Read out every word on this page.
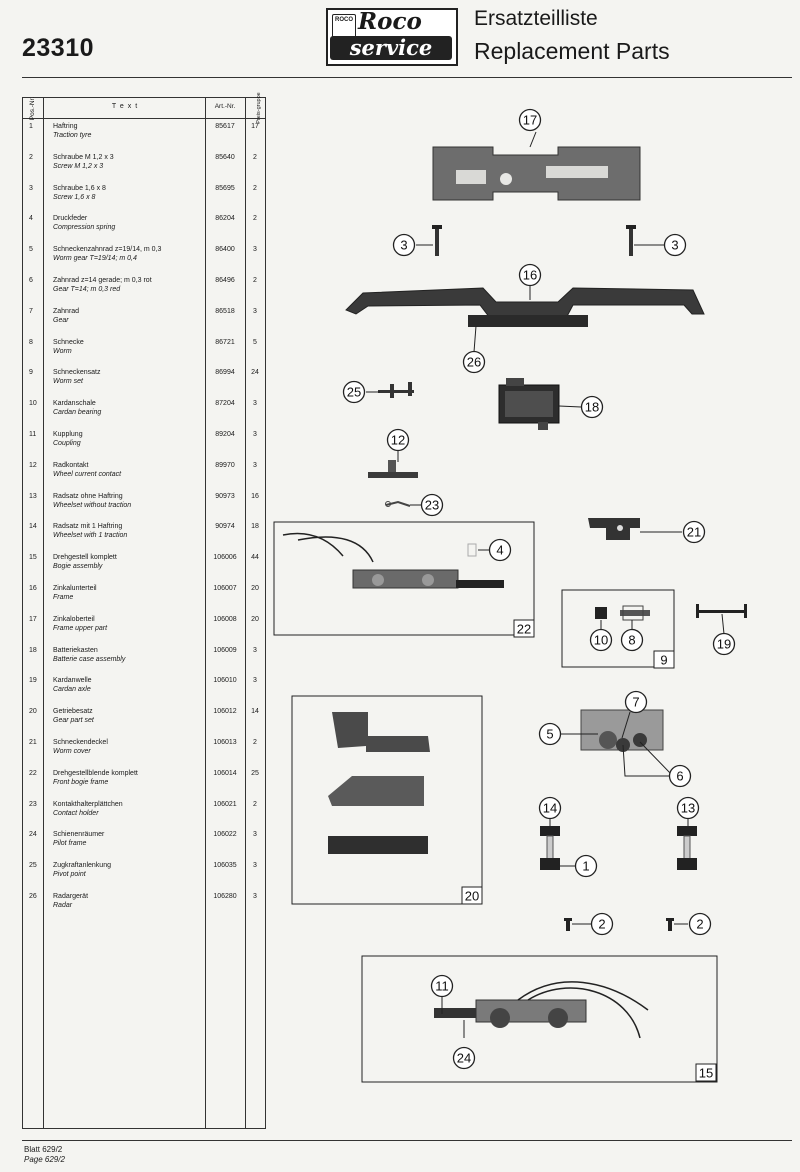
23310
ROCO Roco
service
Ersatzteilliste
Replacement Parts
Pos.-Nr.	T e x t	Art.-Nr.	Preis-gruppe
1	Haftring
Traction tyre
85617	17
2	Schraube M 1,2 x 3
Screw M 1,2 x 3
85640	2
3	Schraube 1,6 x 8
Screw 1,6 x 8
85695	2
4	Druckfeder
Compression spring
86204	2
5	Schneckenzahnrad z=19/14, m 0,3
Worm gear T=19/14; m 0,4
86400	3
6	Zahnrad z=14 gerade; m 0,3 rot
Gear T=14; m 0,3 red
86496	2
7	Zahnrad
Gear
86518	3
8	Schnecke
Worm
86721	5
9	Schneckensatz
Worm set
86994	24
10 Kardanschale
Cardan bearing
87204	3
11 Kupplung
Coupling
89204	3
12 Radkontakt
Wheel current contact
89970	3
13 Radsatz ohne Haftring
Wheelset without traction
90973	16
14 Radsatz mit 1 Haftring
Wheelset with 1 traction
90974	18
15 Drehgestell komplett
Bogie assembly
106006	44
16 Zinkalunterteil
Frame
106007	20
17 Zinkaloberteil
Frame upper part
106008	20
18 Batteriekasten
Batterie case assembly
106009	3
19 Kardanwelle
Cardan axle
106010	3
20 Getriebesatz
Gear part set
106012	14
21 Schneckendeckel
Worm cover
106013	2
22 Drehgestellblende komplett
Front bogie frame
106014	25
23 Kontakthalterplättchen
Contact holder
106021	2
24 Schienenräumer
Pilot frame
106022	3
25 Zugkraftanlenkung
Pivot point
106035	3
26 Radargerät
Radar
106280	3
17
3	3
16
26
25
18
12
23
4
21
10 8	19
5
7
6
14	13
1
2	2
11
24
22
9
20
15
Blatt 629/2
Page 629/2
